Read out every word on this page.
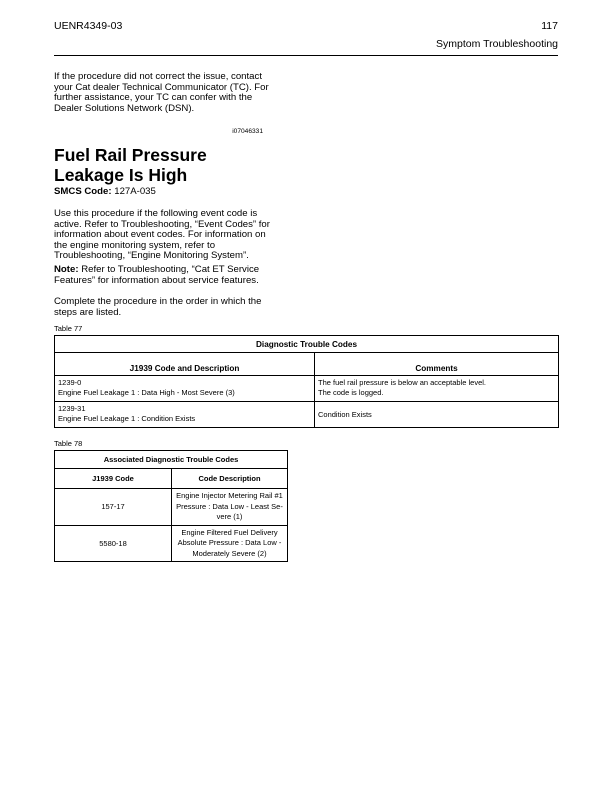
UENR4349-03	117
Symptom Troubleshooting

If the procedure did not correct the issue, contact your Cat dealer Technical Communicator (TC). For further assistance, your TC can confer with the Dealer Solutions Network (DSN).

i07046331
Fuel Rail Pressure Leakage Is High

SMCS Code: 127A-035

Use this procedure if the following event code is active. Refer to Troubleshooting, “Event Codes” for information about event codes. For information on the engine monitoring system, refer to Troubleshooting, “Engine Monitoring System”.

Note: Refer to Troubleshooting, “Cat ET Service Features” for information about service features.

Complete the procedure in the order in which the steps are listed.

Table 77
Diagnostic Trouble Codes	
J1939 Code and Description	Comments

1239-0
Engine Fuel Leakage 1 : Data High - Most Severe (3)	The fuel rail pressure is below an acceptable level.
The code is logged.

1239-31
Engine Fuel Leakage 1 : Condition Exists	Condition Exists
Table 78
Associated Diagnostic Trouble Codes	
J1939 Code	Code Description
157-17	Engine Injector Metering Rail #1
Pressure : Data Low - Least Se-
vere (1)

5580-18	Engine Filtered Fuel Delivery
Absolute Pressure : Data Low -
Moderately Severe (2)
